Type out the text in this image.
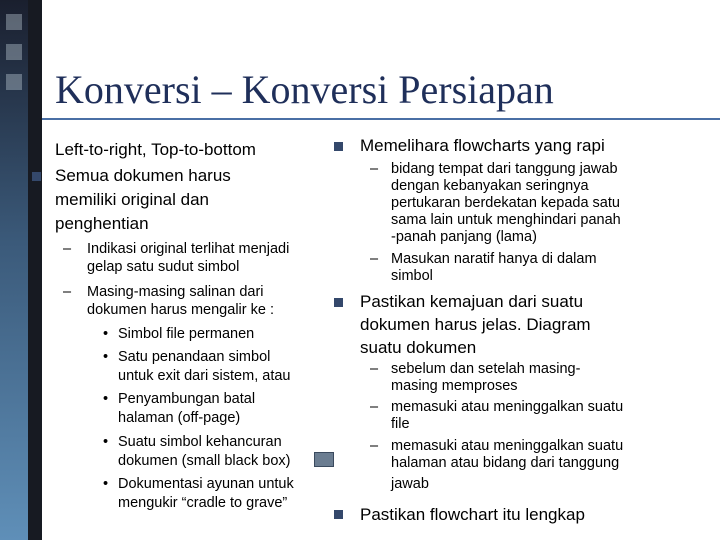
Konversi – Konversi Persiapan
Left-to-right, Top-to-bottom
Semua dokumen harus
memiliki original dan
penghentian
– Indikasi original terlihat menjadi
gelap satu sudut simbol
– Masing-masing salinan dari
dokumen harus mengalir ke :
• Simbol file permanen
• Satu penandaan simbol
untuk exit dari sistem, atau
• Penyambungan batal
halaman (off-page)
• Suatu simbol kehancuran
dokumen (small black box)
• Dokumentasi ayunan untuk
mengukir “cradle to grave”
Memelihara flowcharts yang rapi
– bidang tempat dari tanggung jawab
dengan kebanyakan seringnya
pertukaran berdekatan kepada satu
sama lain untuk menghindari panah
-panah panjang (lama)
– Masukan naratif hanya di dalam
simbol
Pastikan kemajuan dari suatu
dokumen harus jelas. Diagram
suatu dokumen
– sebelum dan setelah masing-
masing memproses
– memasuki atau meninggalkan suatu
file
– memasuki atau meninggalkan suatu
halaman atau bidang dari tanggung
jawab
Pastikan flowchart itu lengkap
